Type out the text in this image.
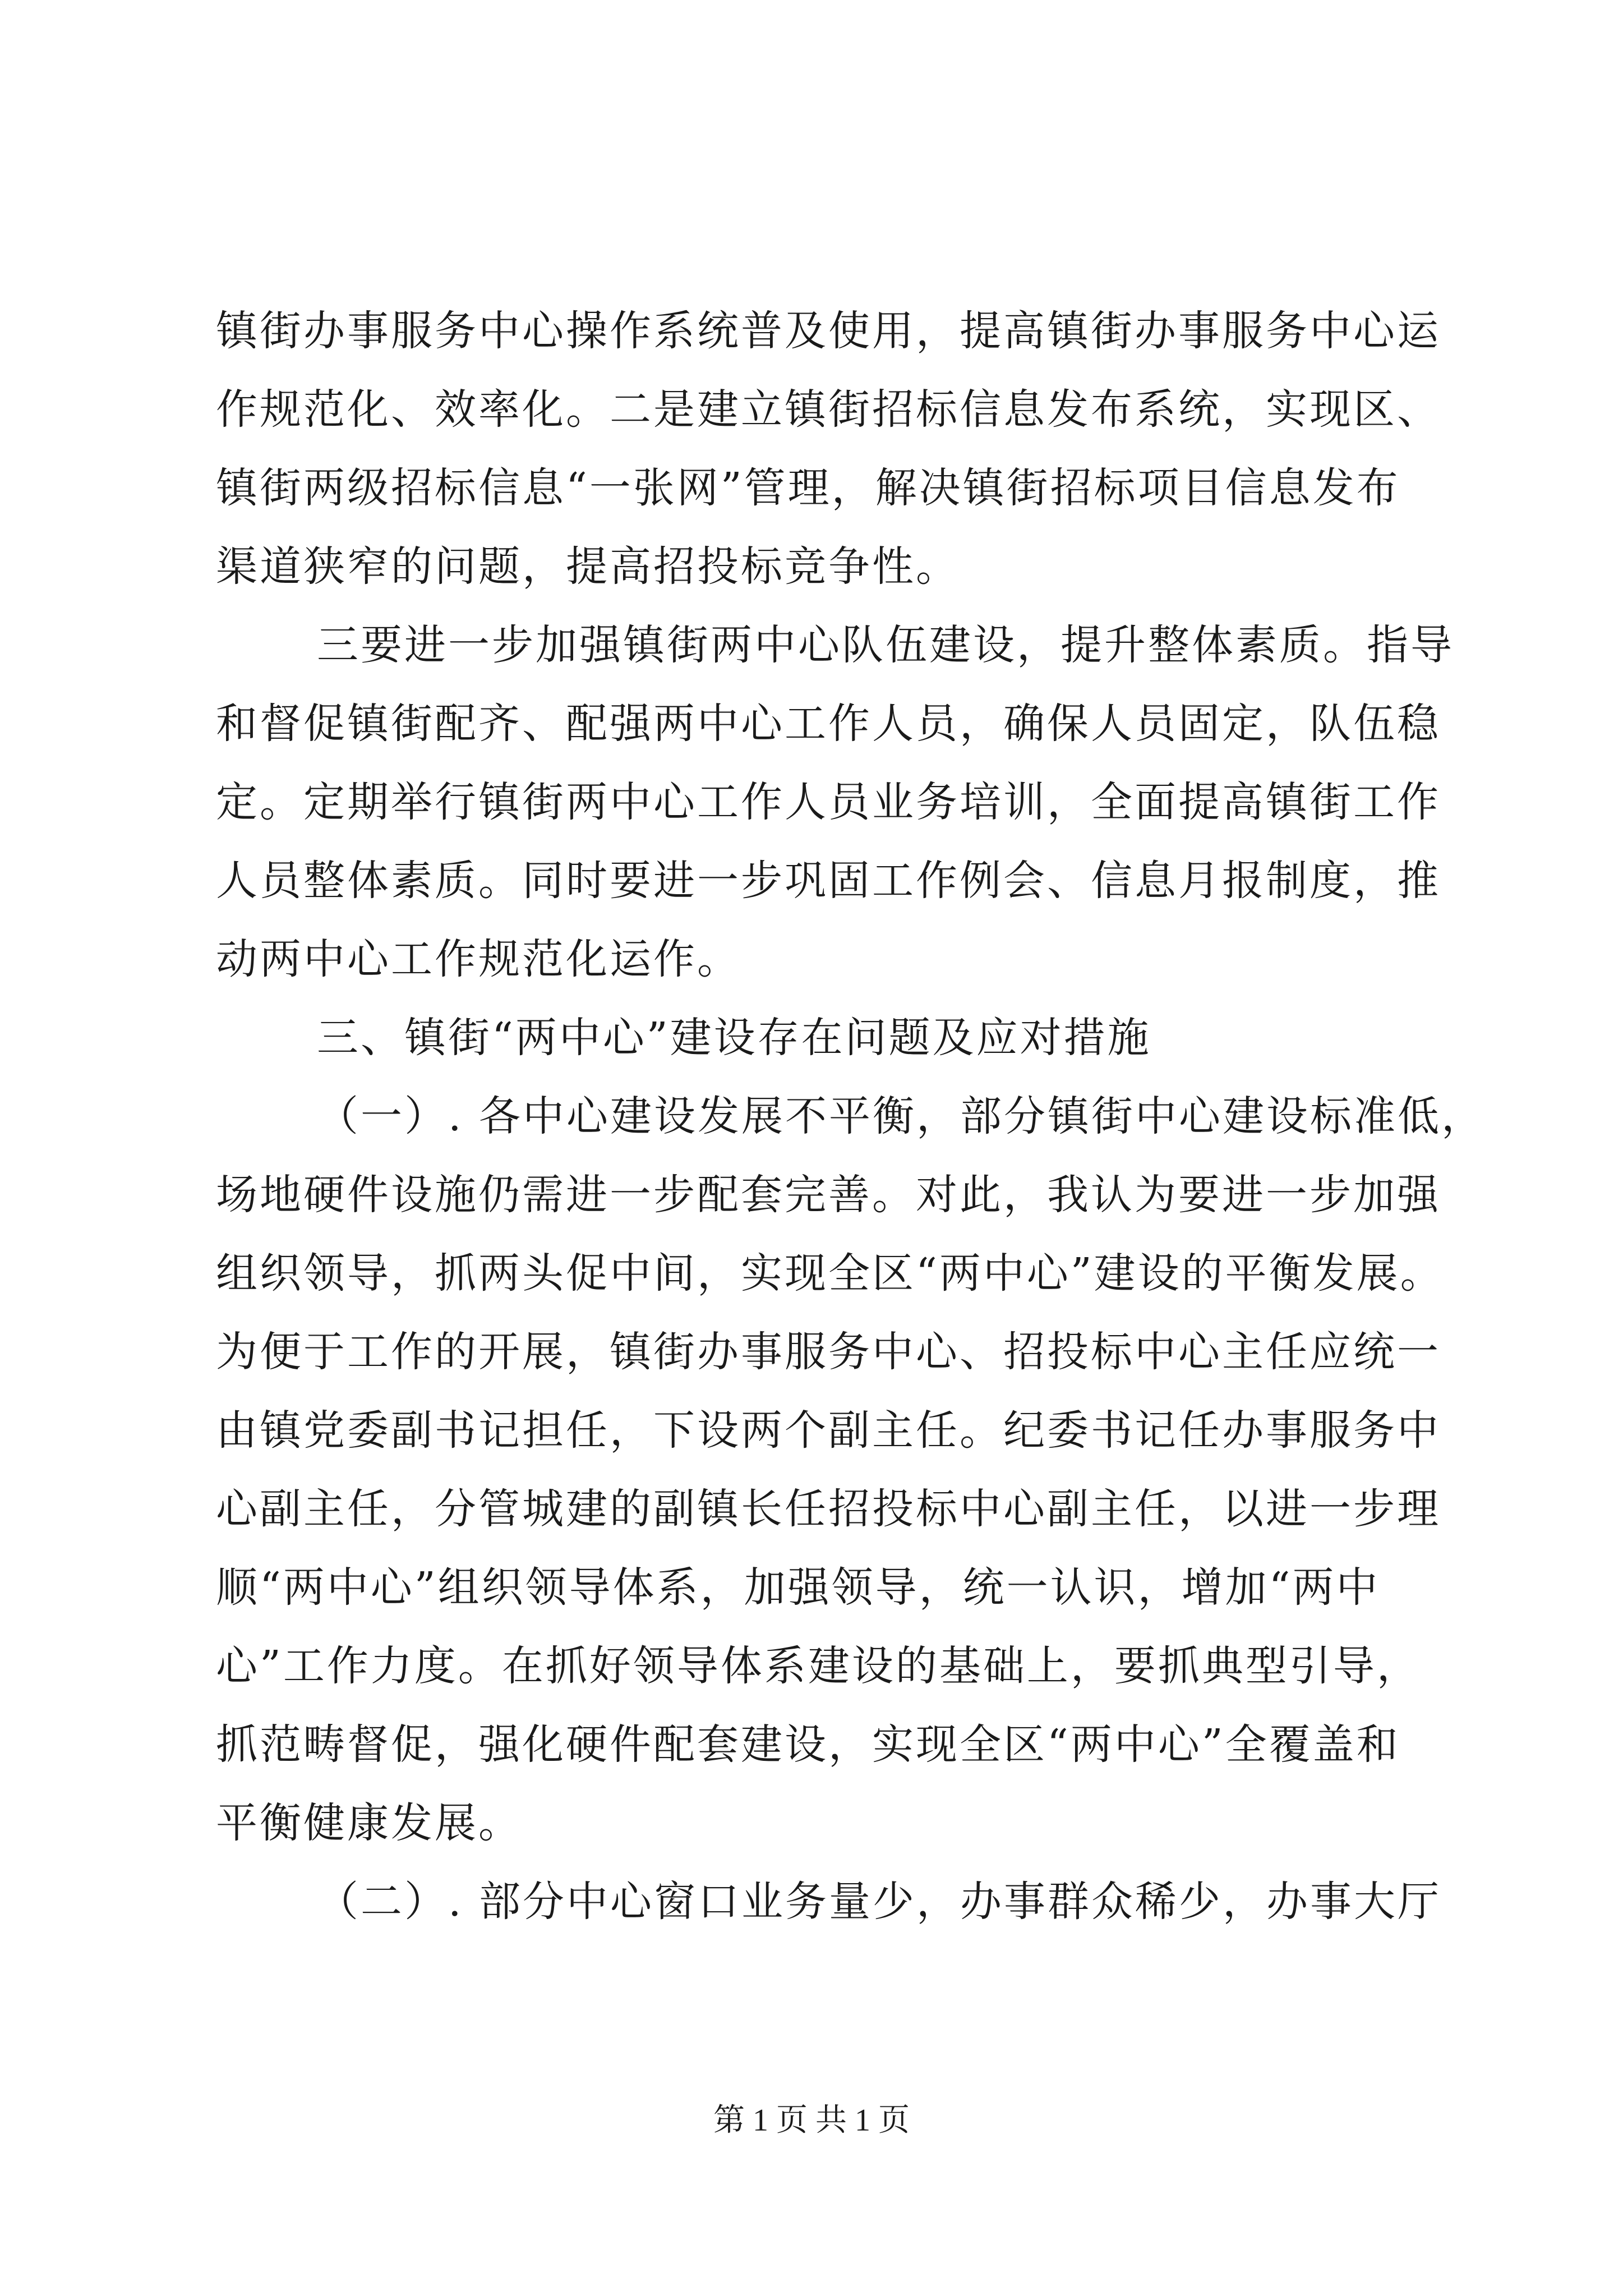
镇街办事服务中心操作系统普及使用，提高镇街办事服务中心运
作规范化、效率化。二是建立镇街招标信息发布系统，实现区、
镇街两级招标信息“一张网”管理，解决镇街招标项目信息发布
渠道狭窄的问题，提高招投标竞争性。
三要进一步加强镇街两中心队伍建设，提升整体素质。指导
和督促镇街配齐、配强两中心工作人员，确保人员固定，队伍稳
定。定期举行镇街两中心工作人员业务培训，全面提高镇街工作
人员整体素质。同时要进一步巩固工作例会、信息月报制度，推
动两中心工作规范化运作。
三、镇街“两中心”建设存在问题及应对措施
（一）. 各中心建设发展不平衡，部分镇街中心建设标准低，
场地硬件设施仍需进一步配套完善。对此，我认为要进一步加强
组织领导，抓两头促中间，实现全区“两中心”建设的平衡发展。
为便于工作的开展，镇街办事服务中心、招投标中心主任应统一
由镇党委副书记担任，下设两个副主任。纪委书记任办事服务中
心副主任，分管城建的副镇长任招投标中心副主任，以进一步理
顺“两中心”组织领导体系，加强领导，统一认识，增加“两中
心”工作力度。在抓好领导体系建设的基础上，要抓典型引导，
抓范畴督促，强化硬件配套建设，实现全区“两中心”全覆盖和
平衡健康发展。
（二）. 部分中心窗口业务量少，办事群众稀少，办事大厅
第 1 页 共 1 页
